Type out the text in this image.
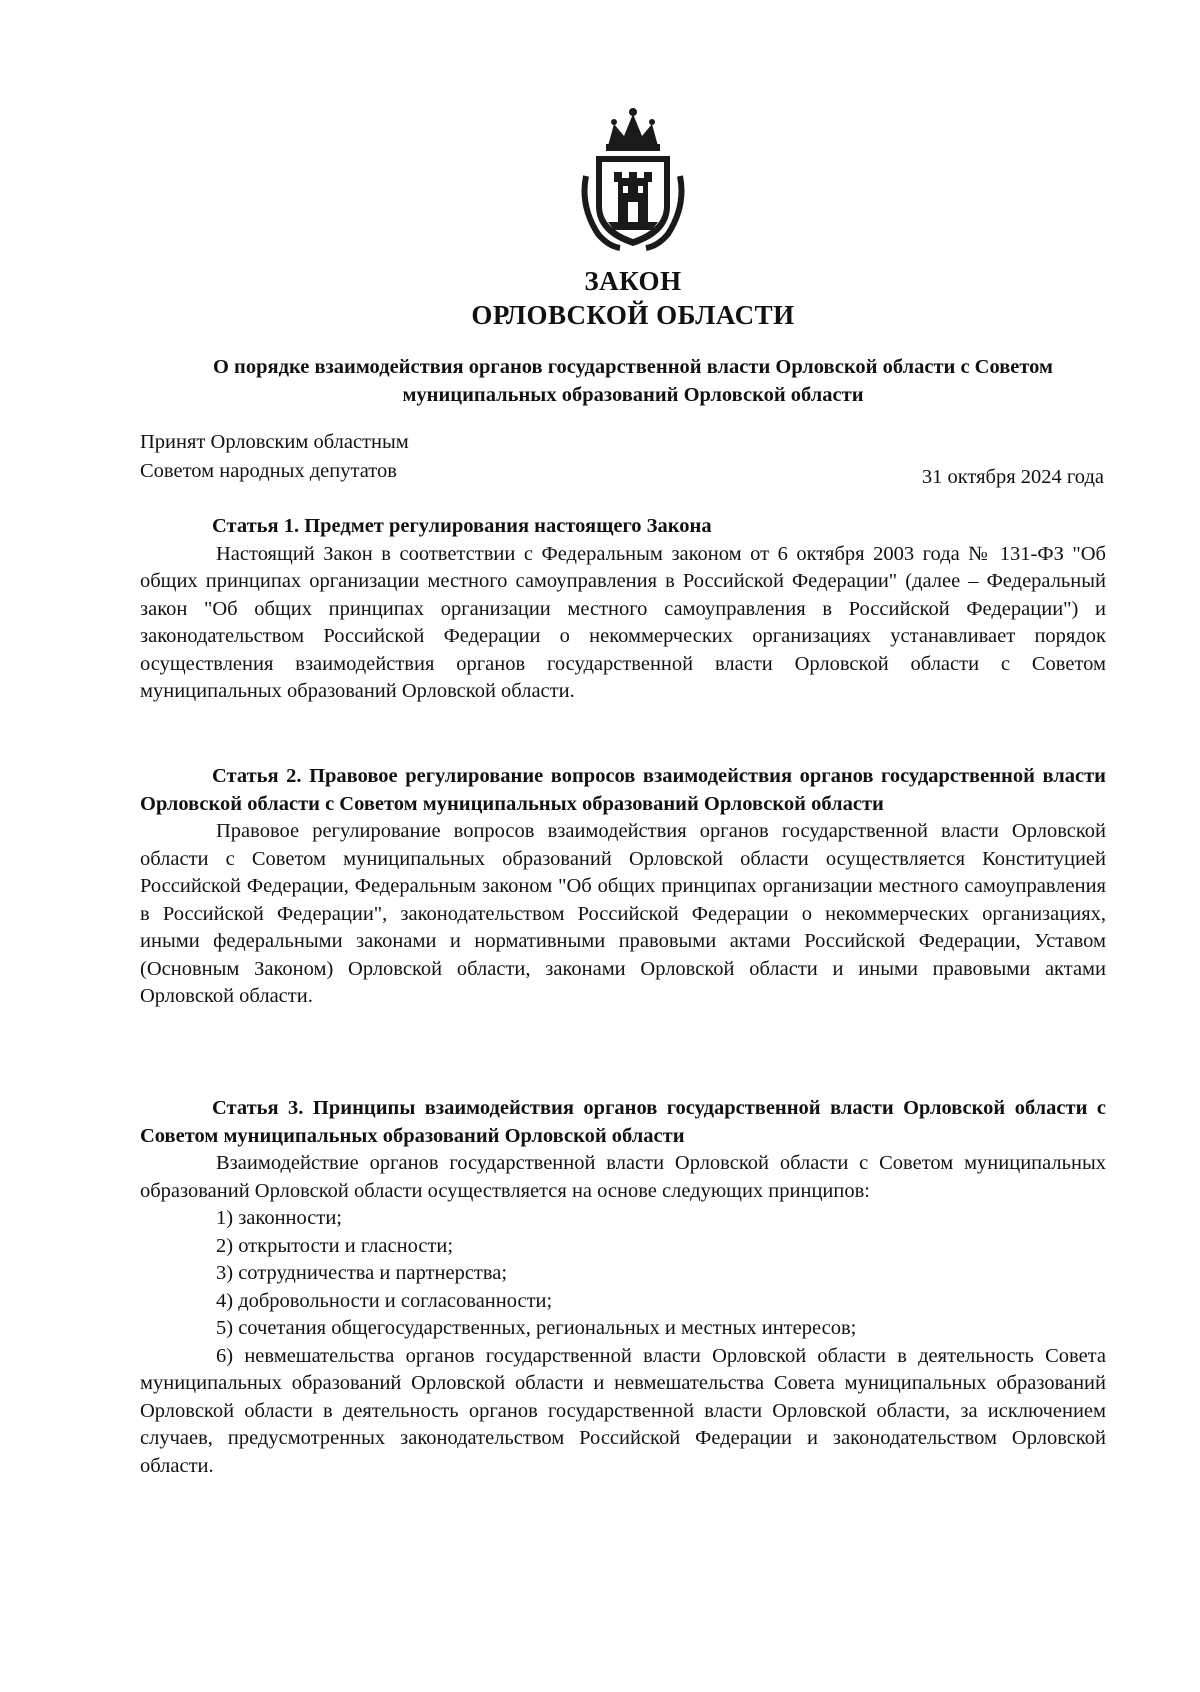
ЗАКОН
ОРЛОВСКОЙ ОБЛАСТИ
О порядке взаимодействия органов государственной власти Орловской области с Советом муниципальных образований Орловской области
Принят Орловским областным
Советом народных депутатов	31 октября 2024 года
Статья 1. Предмет регулирования настоящего Закона

Настоящий Закон в соответствии с Федеральным законом от 6 октября 2003 года № 131-ФЗ "Об общих принципах организации местного самоуправления в Российской Федерации" (далее – Федеральный закон "Об общих принципах организации местного самоуправления в Российской Федерации") и законодательством Российской Федерации о некоммерческих организациях устанавливает порядок осуществления взаимодействия органов государственной власти Орловской области с Советом муниципальных образований Орловской области.

Статья 2. Правовое регулирование вопросов взаимодействия органов государственной власти Орловской области с Советом муниципальных образований Орловской области

Правовое регулирование вопросов взаимодействия органов государственной власти Орловской области с Советом муниципальных образований Орловской области осуществляется Конституцией Российской Федерации, Федеральным законом "Об общих принципах организации местного самоуправления в Российской Федерации", законодательством Российской Федерации о некоммерческих организациях, иными федеральными законами и нормативными правовыми актами Российской Федерации, Уставом (Основным Законом) Орловской области, законами Орловской области и иными правовыми актами Орловской области.

Статья 3. Принципы взаимодействия органов государственной власти Орловской области с Советом муниципальных образований Орловской области

Взаимодействие органов государственной власти Орловской области с Советом муниципальных образований Орловской области осуществляется на основе следующих принципов:

1) законности;

2) открытости и гласности;

3) сотрудничества и партнерства;

4) добровольности и согласованности;

5) сочетания общегосударственных, региональных и местных интересов;

6) невмешательства органов государственной власти Орловской области в деятельность Совета муниципальных образований Орловской области и невмешательства Совета муниципальных образований Орловской области в деятельность органов государственной власти Орловской области, за исключением случаев, предусмотренных законодательством Российской Федерации и законодательством Орловской области.
